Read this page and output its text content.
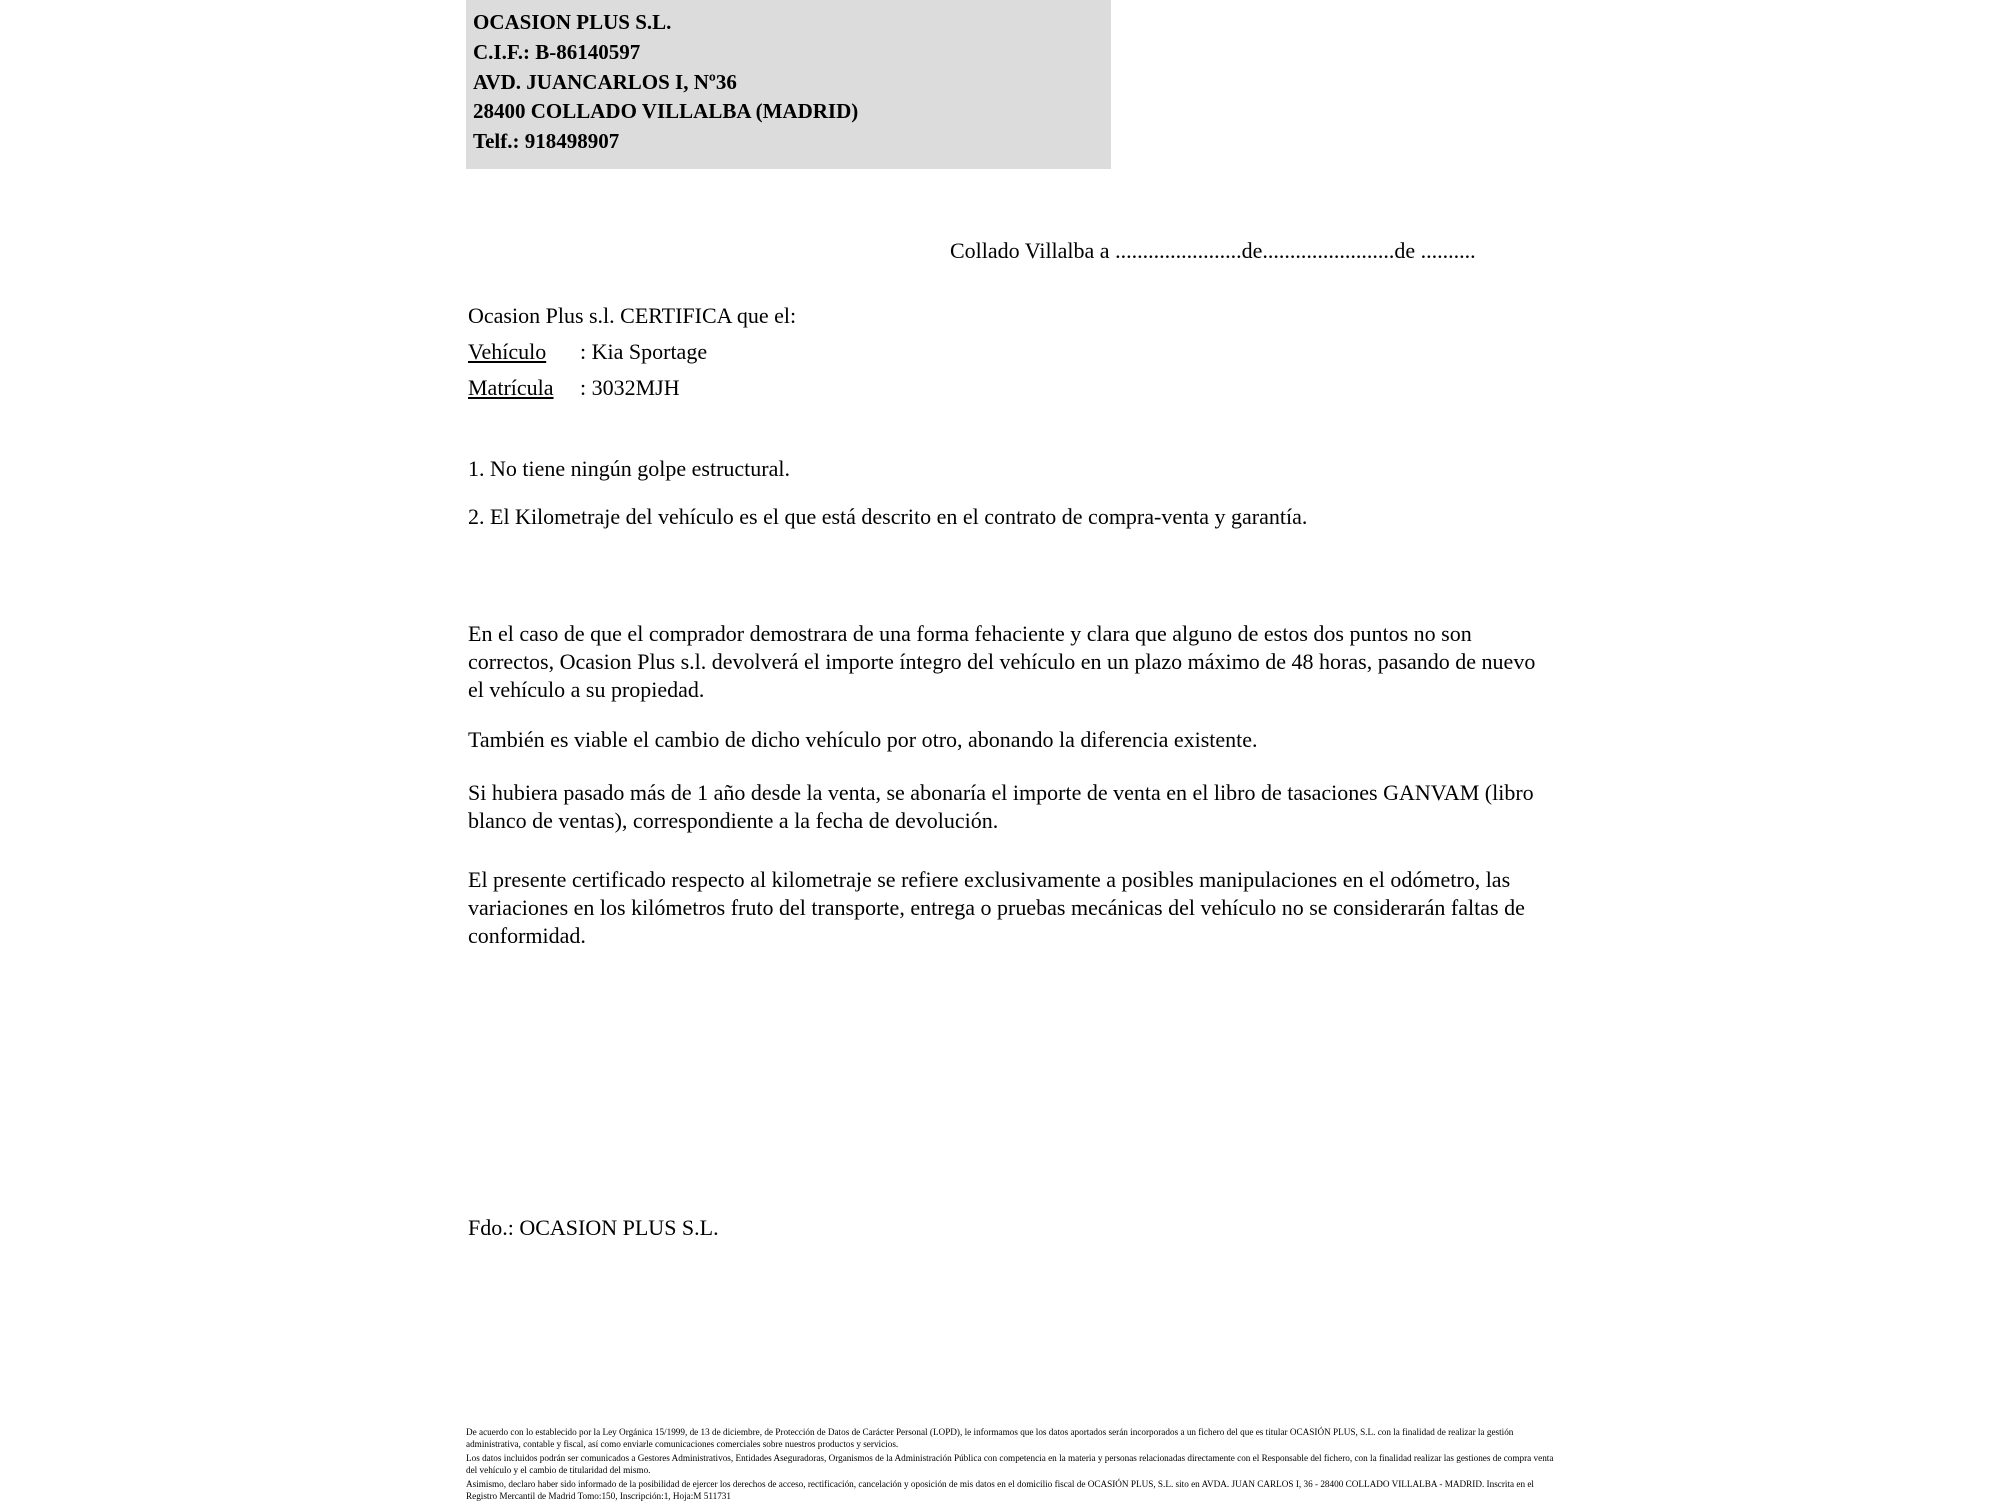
OCASION PLUS S.L.
C.I.F.: B-86140597
AVD. JUANCARLOS I, Nº36
28400 COLLADO VILLALBA (MADRID)
Telf.: 918498907
Collado Villalba a .......................de........................de ..........
Ocasion Plus s.l. CERTIFICA que el:
Vehículo : Kia Sportage
Matrícula : 3032MJH
1. No tiene ningún golpe estructural.
2. El Kilometraje del vehículo es el que está descrito en el contrato de compra-venta y garantía.
En el caso de que el comprador demostrara de una forma fehaciente y clara que alguno de estos dos puntos no son correctos, Ocasion Plus s.l. devolverá el importe íntegro del vehículo en un plazo máximo de 48 horas, pasando de nuevo el vehículo a su propiedad.
También es viable el cambio de dicho vehículo por otro, abonando la diferencia existente.
Si hubiera pasado más de 1 año desde la venta, se abonaría el importe de venta en el libro de tasaciones GANVAM (libro blanco de ventas), correspondiente a la fecha de devolución.
El presente certificado respecto al kilometraje se refiere exclusivamente a posibles manipulaciones en el odómetro, las variaciones en los kilómetros fruto del transporte, entrega o pruebas mecánicas del vehículo no se considerarán faltas de conformidad.
Fdo.: OCASION PLUS S.L.

De acuerdo con lo establecido por la Ley Orgánica 15/1999, de 13 de diciembre, de Protección de Datos de Carácter Personal (LOPD), le informamos que los datos aportados serán incorporados a un fichero del que es titular OCASIÓN PLUS, S.L. con la finalidad de realizar la gestión administrativa, contable y fiscal, así como enviarle comunicaciones comerciales sobre nuestros productos y servicios.

Los datos incluidos podrán ser comunicados a Gestores Administrativos, Entidades Aseguradoras, Organismos de la Administración Pública con competencia en la materia y personas relacionadas directamente con el Responsable del fichero, con la finalidad realizar las gestiones de compra venta del vehículo y el cambio de titularidad del mismo.

Asimismo, declaro haber sido informado de la posibilidad de ejercer los derechos de acceso, rectificación, cancelación y oposición de mis datos en el domicilio fiscal de OCASIÓN PLUS, S.L. sito en AVDA. JUAN CARLOS I, 36 - 28400 COLLADO VILLALBA - MADRID. Inscrita en el Registro Mercantil de Madrid Tomo:150, Inscripción:1, Hoja:M 511731
